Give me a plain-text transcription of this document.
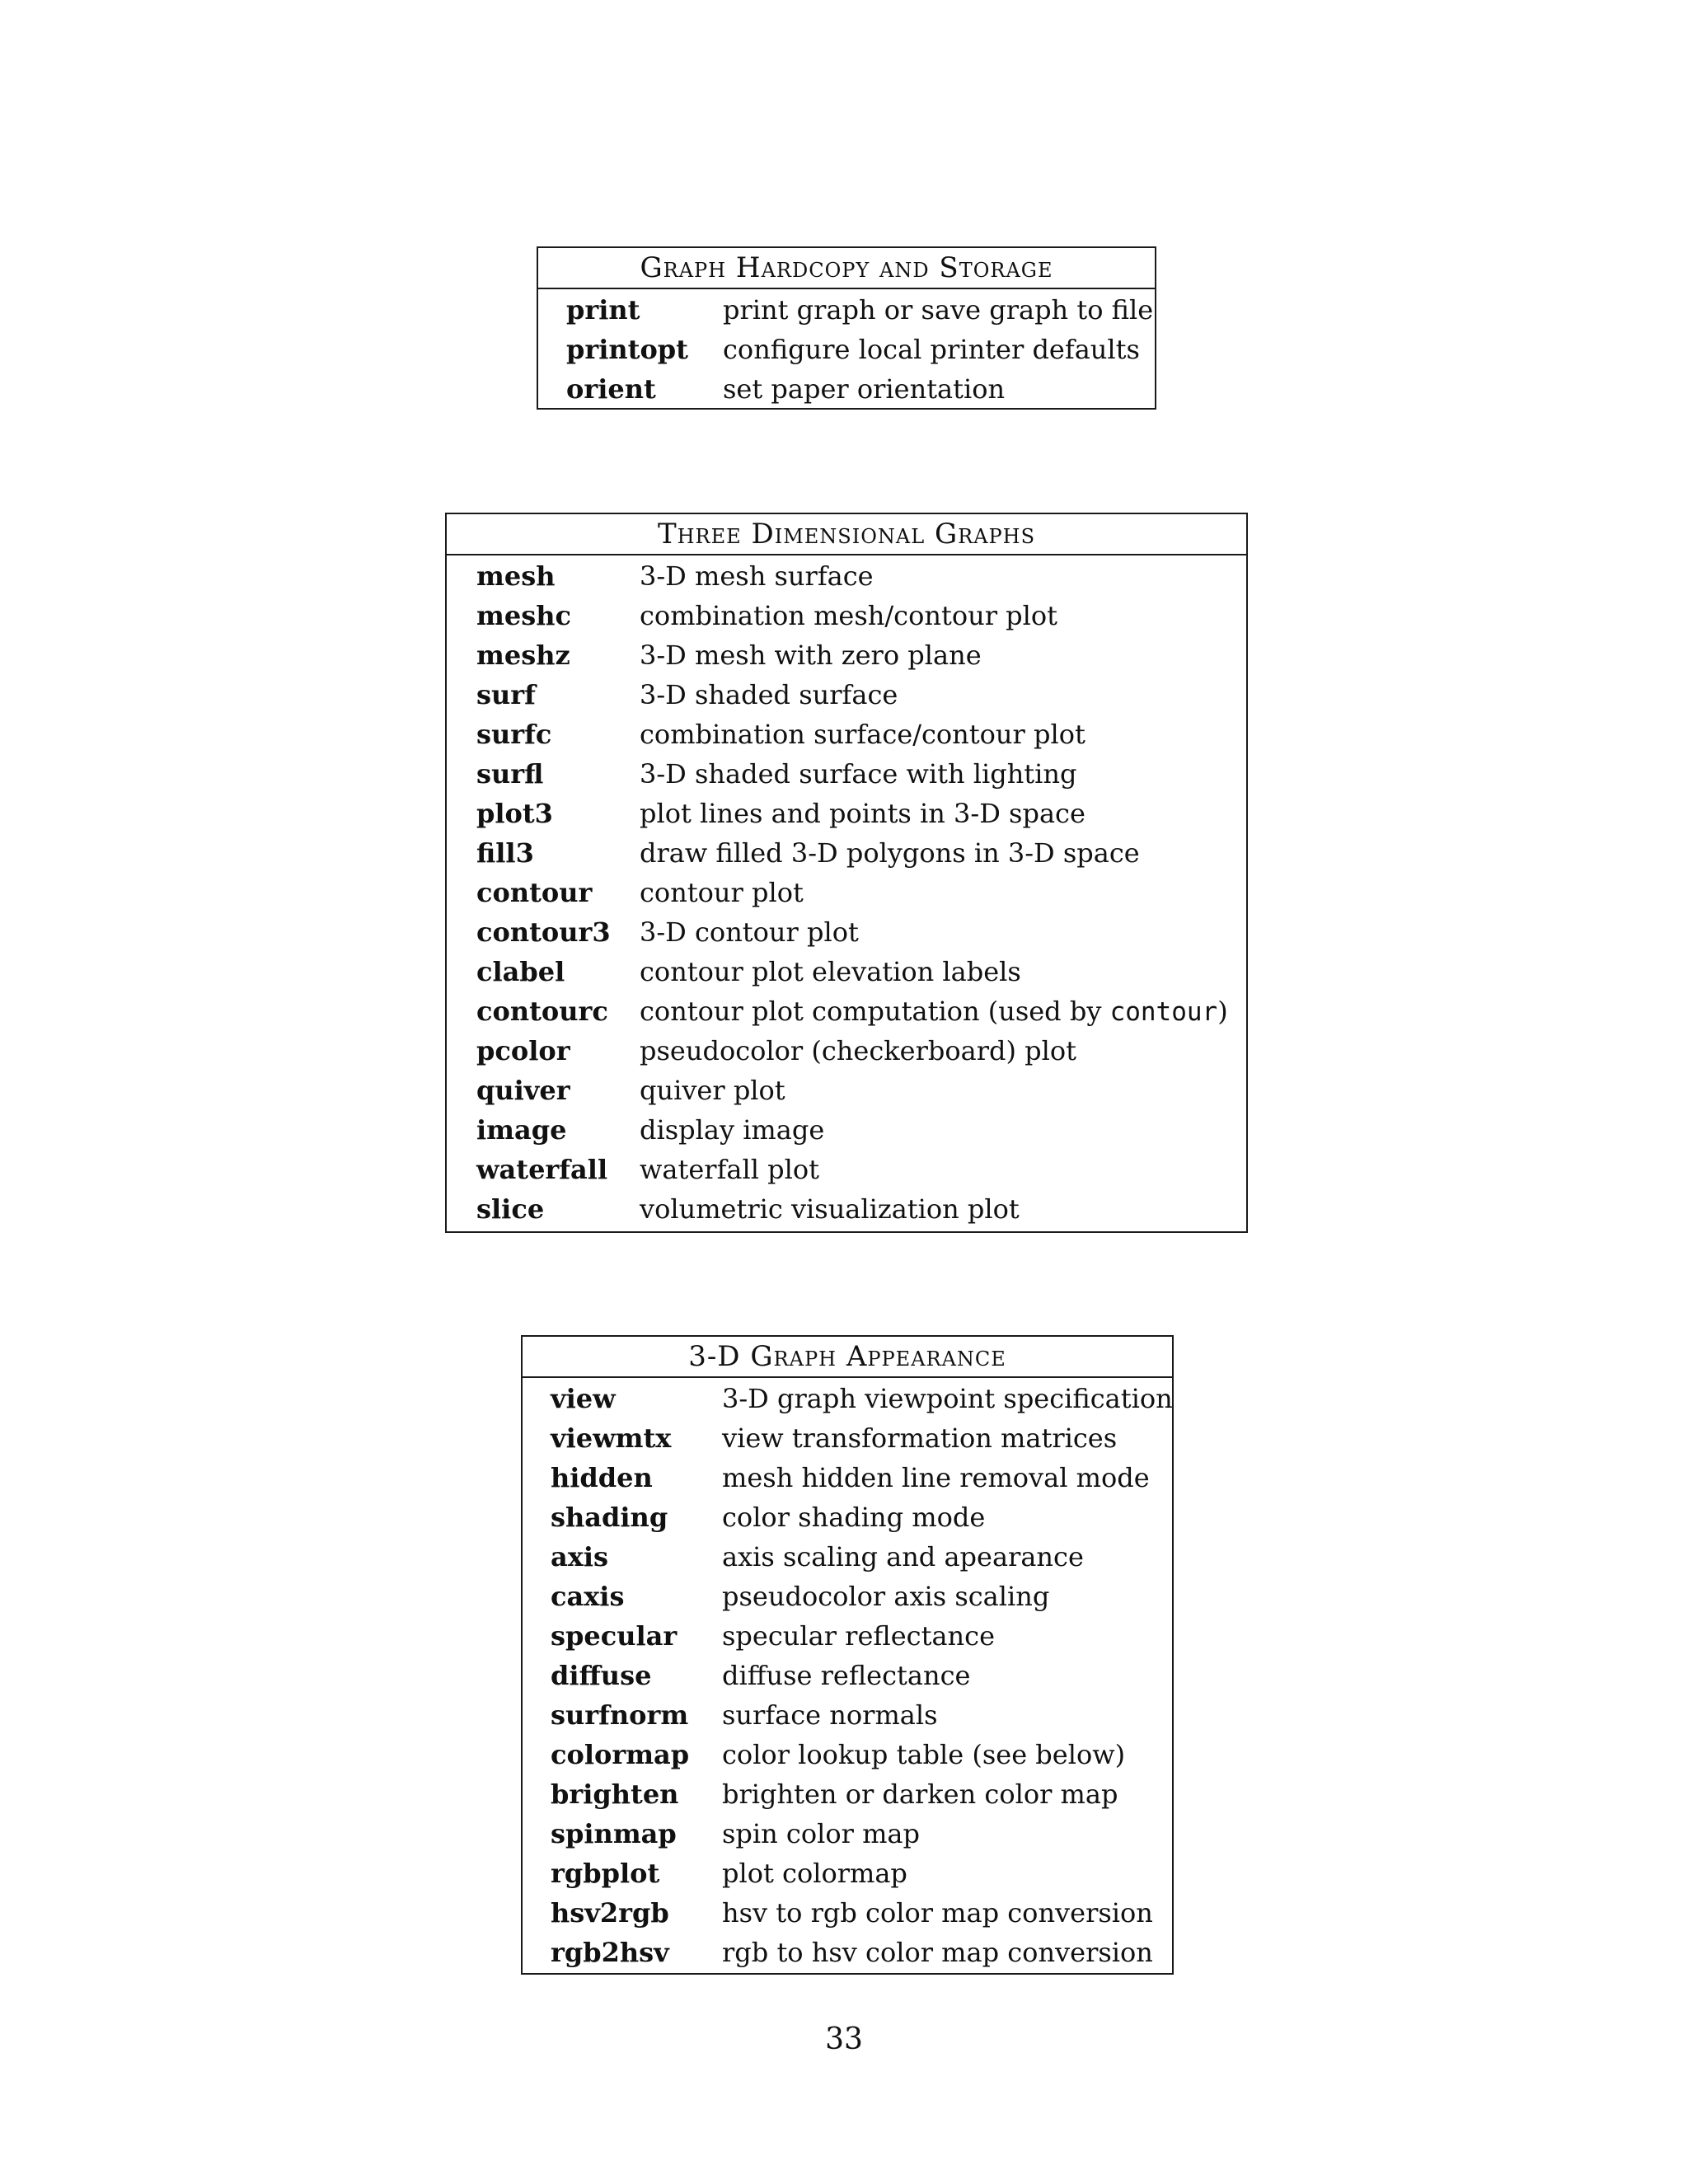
Graph Hardcopy and Storage
print	print graph or save graph to file
printopt	configure local printer defaults
orient	set paper orientation
Three Dimensional Graphs
mesh	3-D mesh surface
meshc	combination mesh/contour plot
meshz	3-D mesh with zero plane
surf	3-D shaded surface
surfc	combination surface/contour plot
surfl	3-D shaded surface with lighting
plot3	plot lines and points in 3-D space
fill3	draw filled 3-D polygons in 3-D space
contour	contour plot
contour3	3-D contour plot
clabel	contour plot elevation labels
contourc	contour plot computation (used by contour)
pcolor	pseudocolor (checkerboard) plot
quiver	quiver plot
image	display image
waterfall	waterfall plot
slice	volumetric visualization plot
3-D Graph Appearance
view	3-D graph viewpoint specification
viewmtx	view transformation matrices
hidden	mesh hidden line removal mode
shading	color shading mode
axis	axis scaling and apearance
caxis	pseudocolor axis scaling
specular	specular reflectance
diffuse	diffuse reflectance
surfnorm	surface normals
colormap	color lookup table (see below)
brighten	brighten or darken color map
spinmap	spin color map
rgbplot	plot colormap
hsv2rgb	hsv to rgb color map conversion
rgb2hsv	rgb to hsv color map conversion
33
